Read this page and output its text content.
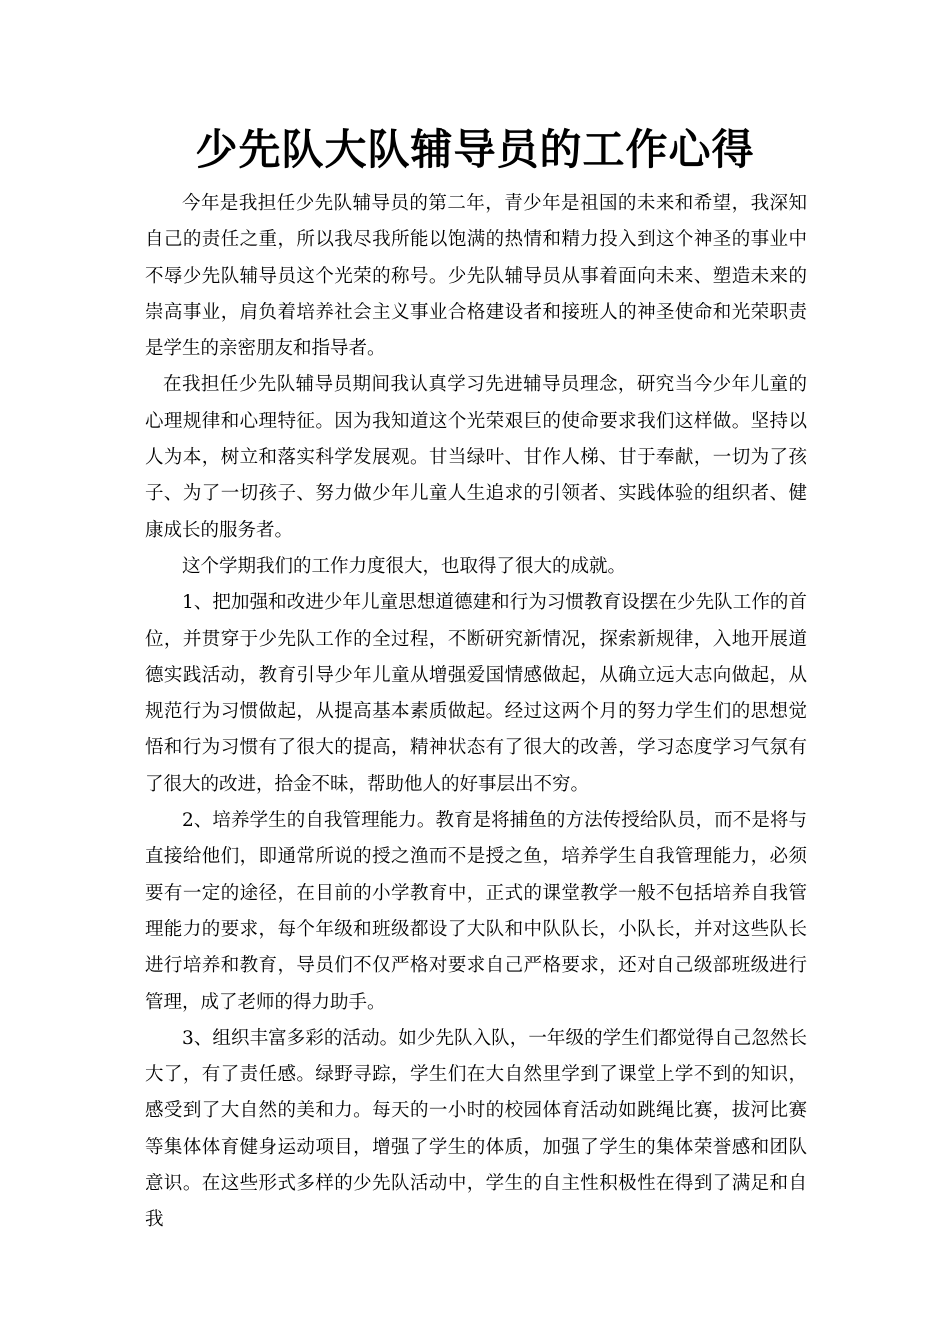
少先队大队辅导员的工作心得

今年是我担任少先队辅导员的第二年，青少年是祖国的未来和希望，我深知自己的责任之重，所以我尽我所能以饱满的热情和精力投入到这个神圣的事业中不辱少先队辅导员这个光荣的称号。少先队辅导员从事着面向未来、塑造未来的崇高事业，肩负着培养社会主义事业合格建设者和接班人的神圣使命和光荣职责是学生的亲密朋友和指导者。

在我担任少先队辅导员期间我认真学习先进辅导员理念，研究当今少年儿童的心理规律和心理特征。因为我知道这个光荣艰巨的使命要求我们这样做。坚持以人为本，树立和落实科学发展观。甘当绿叶、甘作人梯、甘于奉献，一切为了孩子、为了一切孩子、努力做少年儿童人生追求的引领者、实践体验的组织者、健康成长的服务者。

这个学期我们的工作力度很大，也取得了很大的成就。

1、把加强和改进少年儿童思想道德建和行为习惯教育设摆在少先队工作的首位，并贯穿于少先队工作的全过程，不断研究新情况，探索新规律，入地开展道德实践活动，教育引导少年儿童从增强爱国情感做起，从确立远大志向做起，从规范行为习惯做起，从提高基本素质做起。经过这两个月的努力学生们的思想觉悟和行为习惯有了很大的提高，精神状态有了很大的改善，学习态度学习气氛有了很大的改进，拾金不昧，帮助他人的好事层出不穷。

2、培养学生的自我管理能力。教育是将捕鱼的方法传授给队员，而不是将与直接给他们，即通常所说的授之渔而不是授之鱼，培养学生自我管理能力，必须要有一定的途径，在目前的小学教育中，正式的课堂教学一般不包括培养自我管理能力的要求，每个年级和班级都设了大队和中队队长，小队长，并对这些队长进行培养和教育，导员们不仅严格对要求自己严格要求，还对自己级部班级进行管理，成了老师的得力助手。

3、组织丰富多彩的活动。如少先队入队，一年级的学生们都觉得自己忽然长大了，有了责任感。绿野寻踪，学生们在大自然里学到了课堂上学不到的知识，感受到了大自然的美和力。每天的一小时的校园体育活动如跳绳比赛，拔河比赛等集体体育健身运动项目，增强了学生的体质，加强了学生的集体荣誉感和团队意识。在这些形式多样的少先队活动中，学生的自主性积极性在得到了满足和自我
